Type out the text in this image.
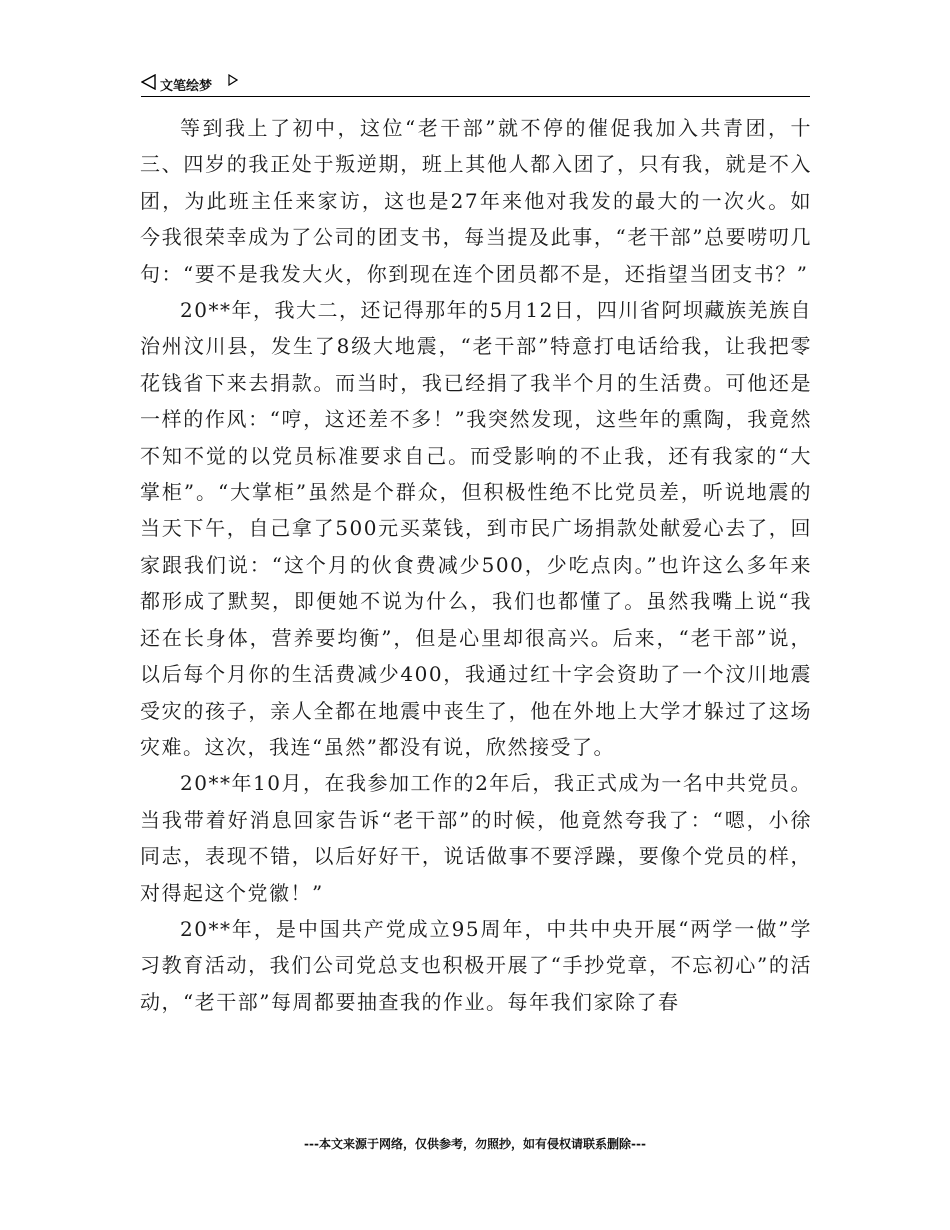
文笔绘梦

等到我上了初中，这位“老干部”就不停的催促我加入共青团，十三、四岁的我正处于叛逆期，班上其他人都入团了，只有我，就是不入团，为此班主任来家访，这也是27年来他对我发的最大的一次火。如今我很荣幸成为了公司的团支书，每当提及此事，“老干部”总要唠叨几句：“要不是我发大火，你到现在连个团员都不是，还指望当团支书？”

20**年，我大二，还记得那年的5月12日，四川省阿坝藏族羌族自治州汶川县，发生了8级大地震，“老干部”特意打电话给我，让我把零花钱省下来去捐款。而当时，我已经捐了我半个月的生活费。可他还是一样的作风：“哼，这还差不多！”我突然发现，这些年的熏陶，我竟然不知不觉的以党员标准要求自己。而受影响的不止我，还有我家的“大掌柜”。“大掌柜”虽然是个群众，但积极性绝不比党员差，听说地震的当天下午，自己拿了500元买菜钱，到市民广场捐款处献爱心去了，回家跟我们说：“这个月的伙食费减少500，少吃点肉。”也许这么多年来都形成了默契，即便她不说为什么，我们也都懂了。虽然我嘴上说“我还在长身体，营养要均衡”，但是心里却很高兴。后来，“老干部”说，以后每个月你的生活费减少400，我通过红十字会资助了一个汶川地震受灾的孩子，亲人全都在地震中丧生了，他在外地上大学才躲过了这场灾难。这次，我连“虽然”都没有说，欣然接受了。

20**年10月，在我参加工作的2年后，我正式成为一名中共党员。当我带着好消息回家告诉“老干部”的时候，他竟然夸我了：“嗯，小徐同志，表现不错，以后好好干，说话做事不要浮躁，要像个党员的样，对得起这个党徽！”

20**年，是中国共产党成立95周年，中共中央开展“两学一做”学习教育活动，我们公司党总支也积极开展了“手抄党章，不忘初心”的活动，“老干部”每周都要抽查我的作业。每年我们家除了春

---本文来源于网络，仅供参考，勿照抄，如有侵权请联系删除---
